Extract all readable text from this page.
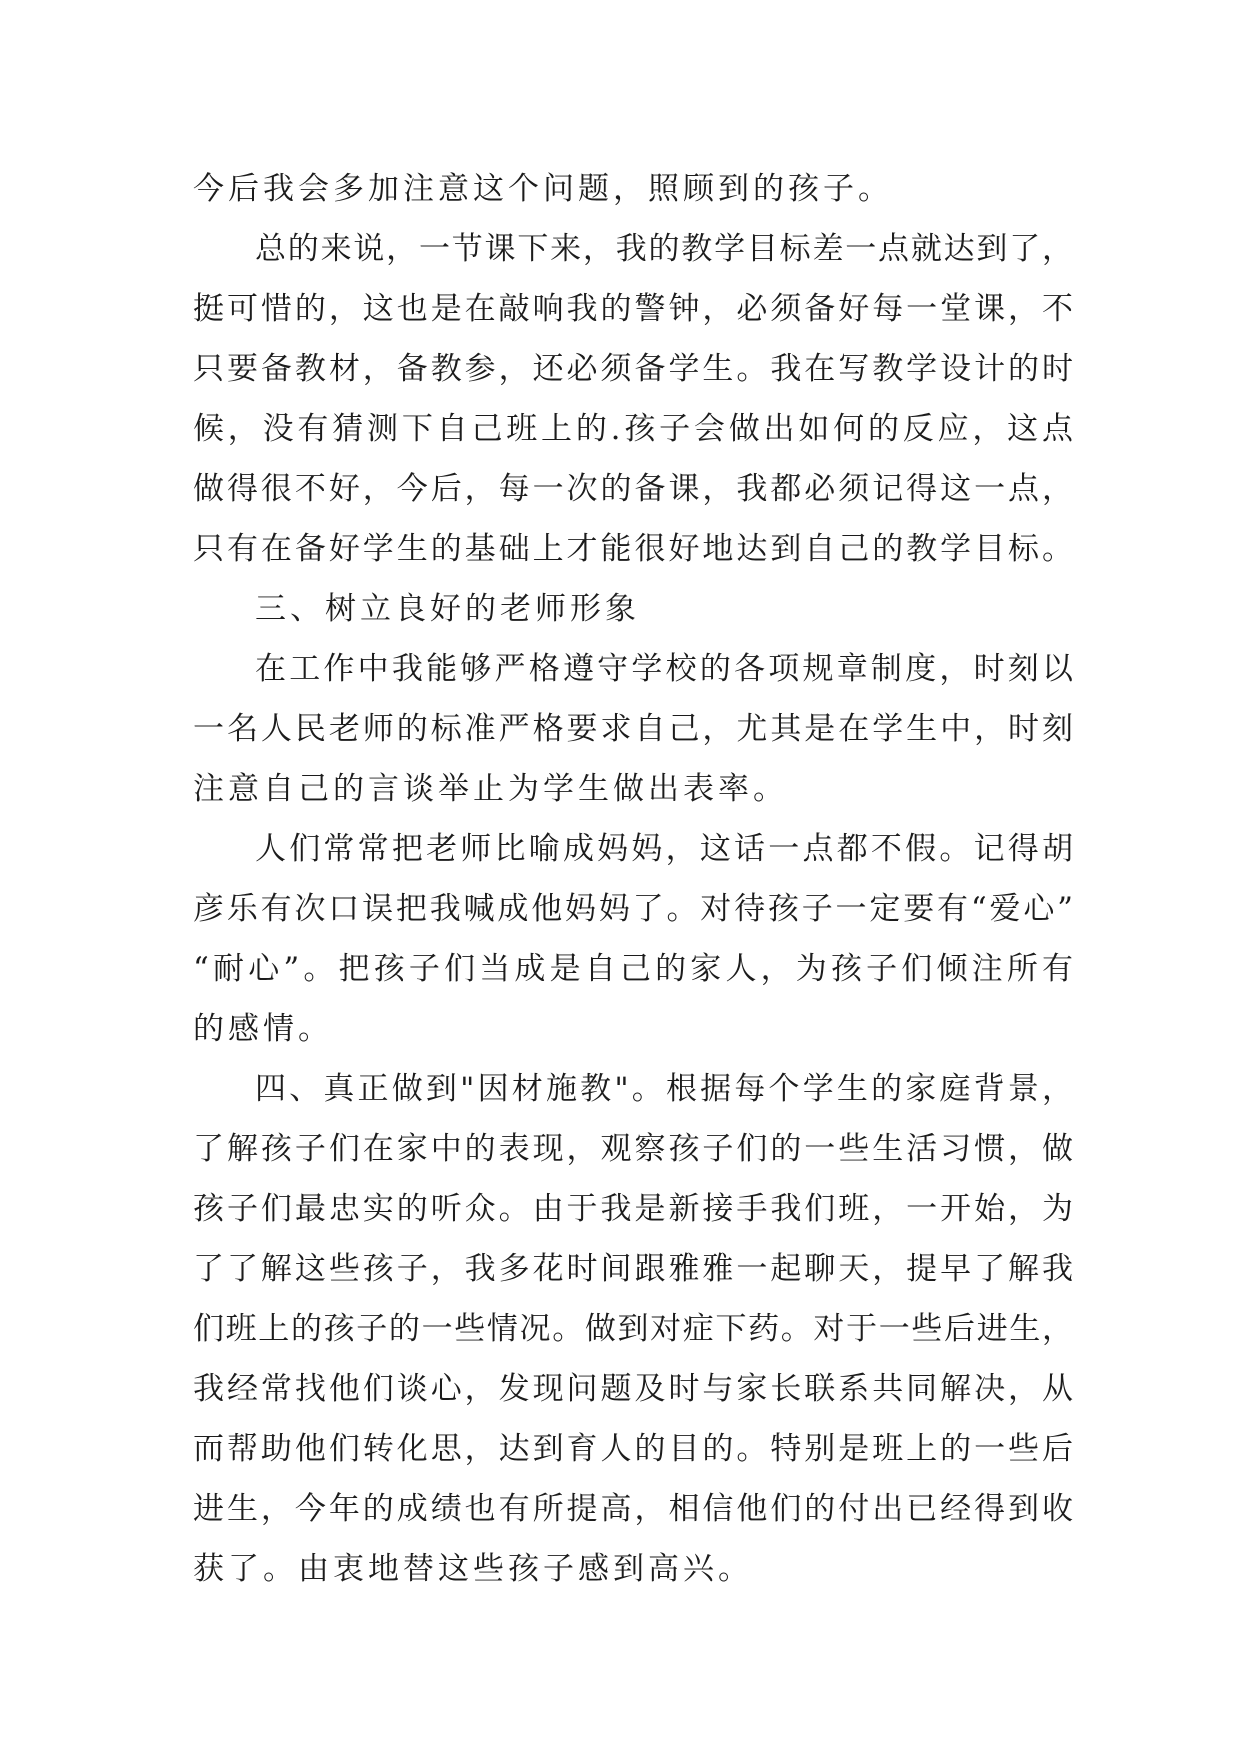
今后我会多加注意这个问题，照顾到的孩子。

总的来说，一节课下来，我的教学目标差一点就达到了，

挺可惜的，这也是在敲响我的警钟，必须备好每一堂课，不

只要备教材，备教参，还必须备学生。我在写教学设计的时

候，没有猜测下自己班上的.孩子会做出如何的反应，这点

做得很不好，今后，每一次的备课，我都必须记得这一点，

只有在备好学生的基础上才能很好地达到自己的教学目标。

三、树立良好的老师形象

在工作中我能够严格遵守学校的各项规章制度，时刻以

一名人民老师的标准严格要求自己，尤其是在学生中，时刻

注意自己的言谈举止为学生做出表率。

人们常常把老师比喻成妈妈，这话一点都不假。记得胡

彦乐有次口误把我喊成他妈妈了。对待孩子一定要有“爱心”

“耐心”。把孩子们当成是自己的家人，为孩子们倾注所有

的感情。

四、真正做到"因材施教"。根据每个学生的家庭背景，

了解孩子们在家中的表现，观察孩子们的一些生活习惯，做

孩子们最忠实的听众。由于我是新接手我们班，一开始，为

了了解这些孩子，我多花时间跟雅雅一起聊天，提早了解我

们班上的孩子的一些情况。做到对症下药。对于一些后进生，

我经常找他们谈心，发现问题及时与家长联系共同解决，从

而帮助他们转化思，达到育人的目的。特别是班上的一些后

进生，今年的成绩也有所提高，相信他们的付出已经得到收

获了。由衷地替这些孩子感到高兴。
